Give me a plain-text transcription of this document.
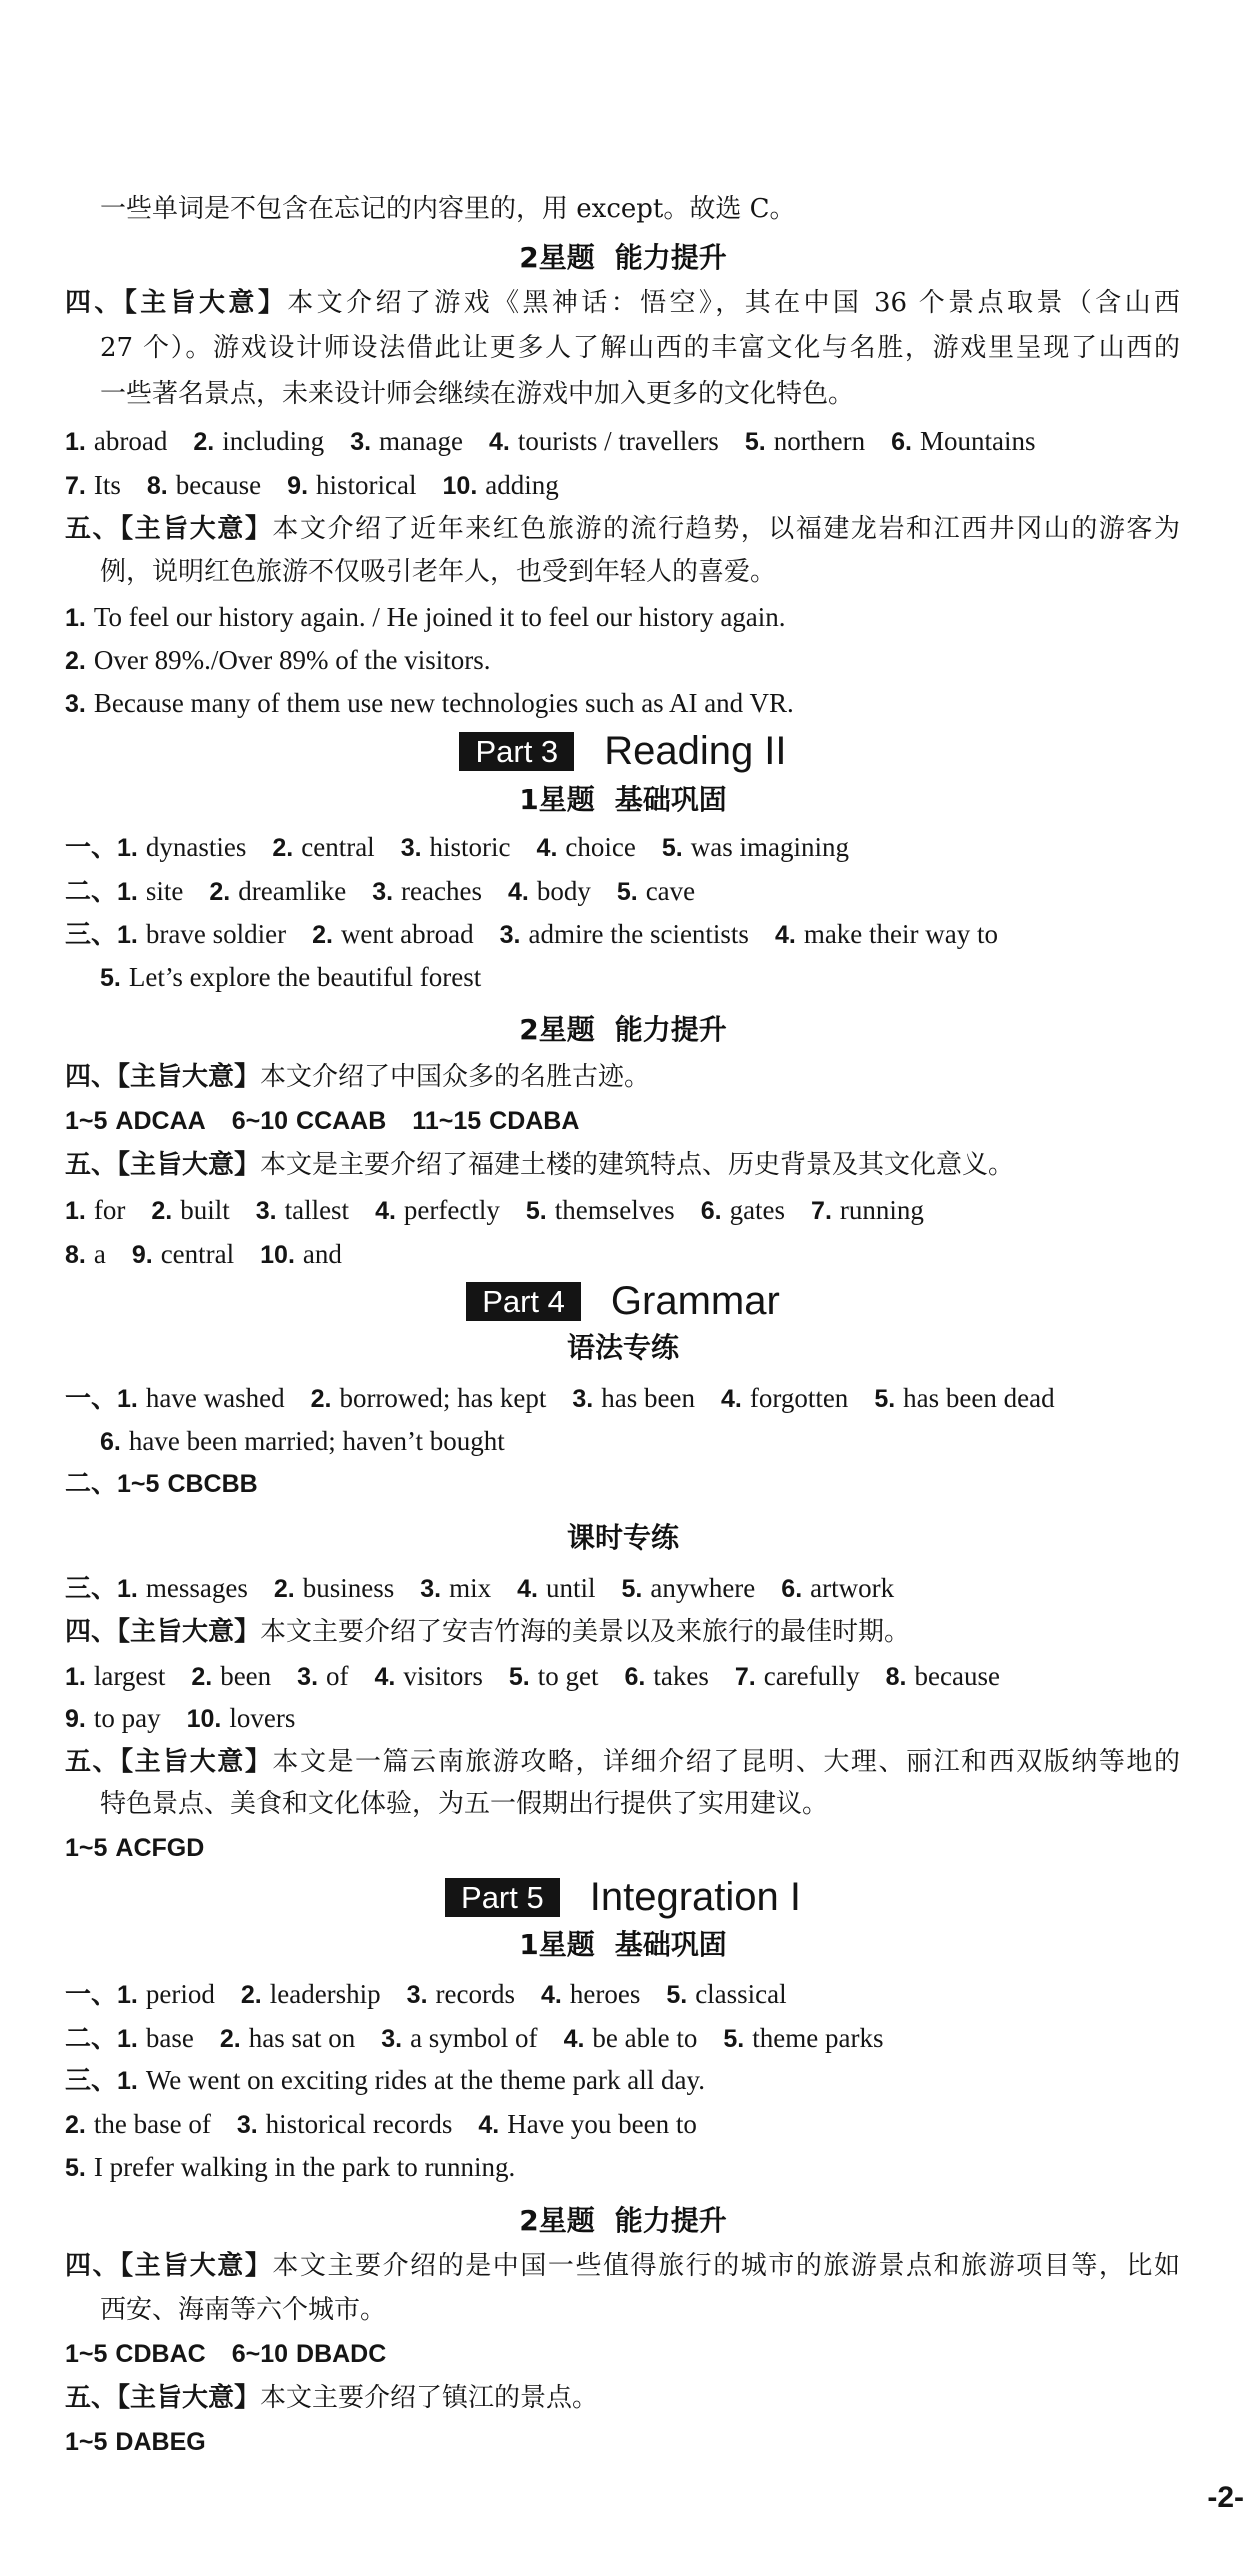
一些单词是不包含在忘记的内容里的，用 except。故选 C。
2星题 能力提升
四、【主旨大意】本文介绍了游戏《黑神话：悟空》，其在中国 36 个景点取景（含山西
27 个）。游戏设计师设法借此让更多人了解山西的丰富文化与名胜，游戏里呈现了山西的
一些著名景点，未来设计师会继续在游戏中加入更多的文化特色。
1. abroad 2. including 3. manage 4. tourists / travellers 5. northern 6. Mountains
7. Its 8. because 9. historical 10. adding
五、【主旨大意】本文介绍了近年来红色旅游的流行趋势，以福建龙岩和江西井冈山的游客为
例，说明红色旅游不仅吸引老年人，也受到年轻人的喜爱。
1. To feel our history again. / He joined it to feel our history again.
2. Over 89%./Over 89% of the visitors.
3. Because many of them use new technologies such as AI and VR.
Part 3	Reading II
1星题 基础巩固
一、1. dynasties 2. central 3. historic 4. choice 5. was imagining
二、1. site 2. dreamlike 3. reaches 4. body 5. cave
三、1. brave soldier 2. went abroad 3. admire the scientists 4. make their way to
5. Let’s explore the beautiful forest
2星题 能力提升
四、【主旨大意】本文介绍了中国众多的名胜古迹。
1~5 ADCAA 6~10 CCAAB 11~15 CDABA
五、【主旨大意】本文是主要介绍了福建土楼的建筑特点、历史背景及其文化意义。
1. for 2. built 3. tallest 4. perfectly 5. themselves 6. gates 7. running
8. a 9. central 10. and
Part 4	Grammar
语法专练
一、1. have washed 2. borrowed; has kept 3. has been 4. forgotten 5. has been dead
6. have been married; haven’t bought
二、1~5 CBCBB
课时专练
三、1. messages 2. business 3. mix 4. until 5. anywhere 6. artwork
四、【主旨大意】本文主要介绍了安吉竹海的美景以及来旅行的最佳时期。
1. largest 2. been 3. of 4. visitors 5. to get 6. takes 7. carefully 8. because
9. to pay 10. lovers
五、【主旨大意】本文是一篇云南旅游攻略，详细介绍了昆明、大理、丽江和西双版纳等地的
特色景点、美食和文化体验，为五一假期出行提供了实用建议。
1~5 ACFGD
Part 5	Integration I
1星题 基础巩固
一、1. period 2. leadership 3. records 4. heroes 5. classical
二、1. base 2. has sat on 3. a symbol of 4. be able to 5. theme parks
三、1. We went on exciting rides at the theme park all day.
2. the base of 3. historical records 4. Have you been to
5. I prefer walking in the park to running.
2星题 能力提升
四、【主旨大意】本文主要介绍的是中国一些值得旅行的城市的旅游景点和旅游项目等，比如
西安、海南等六个城市。
1~5 CDBAC 6~10 DBADC
五、【主旨大意】本文主要介绍了镇江的景点。
1~5 DABEG
-2-
